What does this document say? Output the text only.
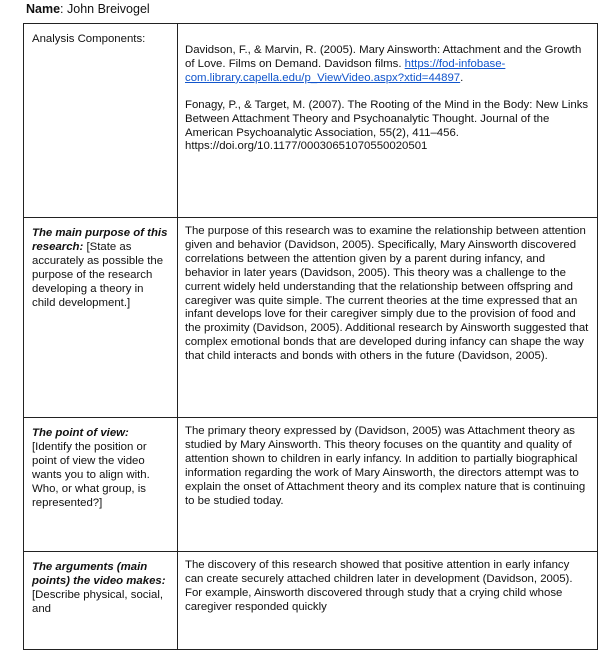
Name: John Breivogel
Analysis Components:	Davidson, F., & Marvin, R. (2005). Mary Ainsworth: Attachment and the Growth of Love. Films on Demand. Davidson films. https://fod-infobase-com.library.capella.edu/p_ViewVideo.aspx?xtid=44897.

Fonagy, P., & Target, M. (2007). The Rooting of the Mind in the Body: New Links Between Attachment Theory and Psychoanalytic Thought. Journal of the American Psychoanalytic Association, 55(2), 411–456. https://doi.org/10.1177/00030651070550020501

The main purpose of this research: [State as accurately as possible the purpose of the research developing a theory in child development.]	The purpose of this research was to examine the relationship between attention given and behavior (Davidson, 2005). Specifically, Mary Ainsworth discovered correlations between the attention given by a parent during infancy, and behavior in later years (Davidson, 2005). This theory was a challenge to the current widely held understanding that the relationship between offspring and caregiver was quite simple. The current theories at the time expressed that an infant develops love for their caregiver simply due to the provision of food and the proximity (Davidson, 2005). Additional research by Ainsworth suggested that complex emotional bonds that are developed during infancy can shape the way that child interacts and bonds with others in the future (Davidson, 2005).

The point of view: [Identify the position or point of view the video wants you to align with. Who, or what group, is represented?]	The primary theory expressed by (Davidson, 2005) was Attachment theory as studied by Mary Ainsworth. This theory focuses on the quantity and quality of attention shown to children in early infancy. In addition to partially biographical information regarding the work of Mary Ainsworth, the directors attempt was to explain the onset of Attachment theory and its complex nature that is continuing to be studied today.

The arguments (main points) the video makes: [Describe physical, social, and	The discovery of this research showed that positive attention in early infancy can create securely attached children later in development (Davidson, 2005). For example, Ainsworth discovered through study that a crying child whose caregiver responded quickly
